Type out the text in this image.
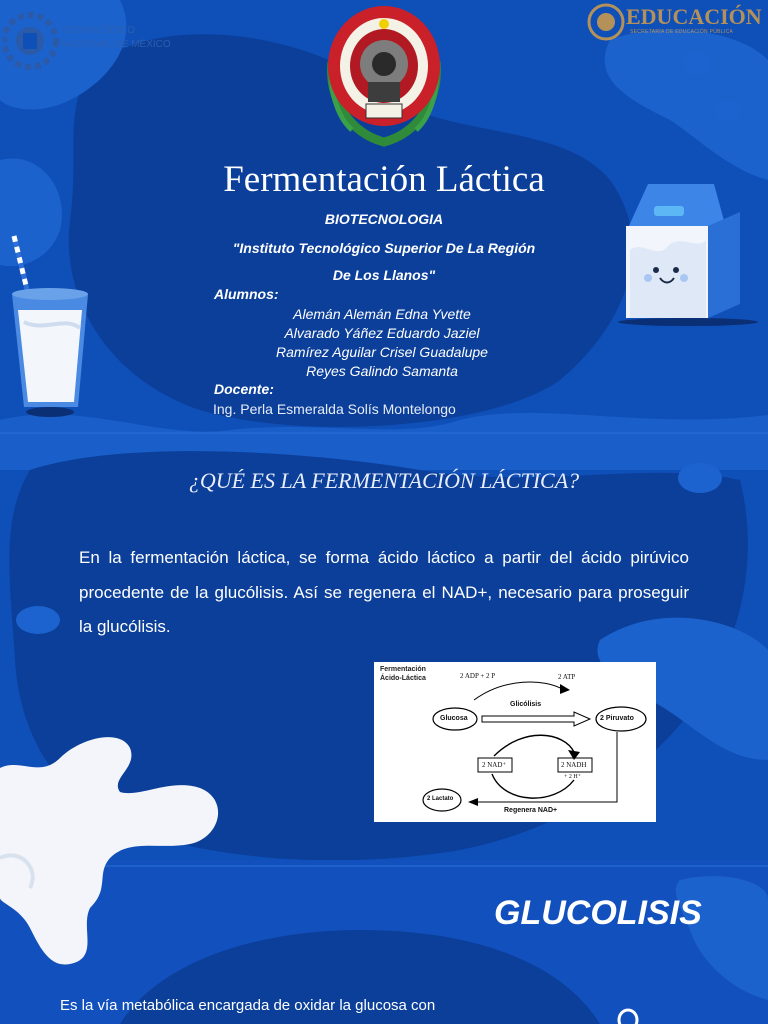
TECNOLÓGICO
NACIONAL DE MÉXICO
EDUCACIÓN
SECRETARÍA DE EDUCACIÓN PÚBLICA
Fermentación Láctica
BIOTECNOLOGIA
"Instituto Tecnológico Superior De La Región
De Los Llanos"
Alumnos:
Alemán Alemán Edna Yvette
Alvarado Yáñez Eduardo Jaziel
Ramírez Aguilar Crisel Guadalupe
Reyes Galindo Samanta
Docente:
Ing. Perla Esmeralda Solís Montelongo
¿QUÉ ES LA FERMENTACIÓN LÁCTICA?
En la fermentación láctica, se forma ácido láctico a partir del ácido pirúvico procedente de la glucólisis. Así se regenera el NAD+, necesario para proseguir la glucólisis.
Fermentación
Ácido-Láctica	2 ADP + 2 P	2 ATP
Glicólisis
Glucosa	2 Piruvato
2 NAD⁺	2 NADH
+ 2 H⁺
2 Lactato
Regenera NAD+
GLUCOLISIS
Es la vía metabólica encargada de oxidar la glucosa con
